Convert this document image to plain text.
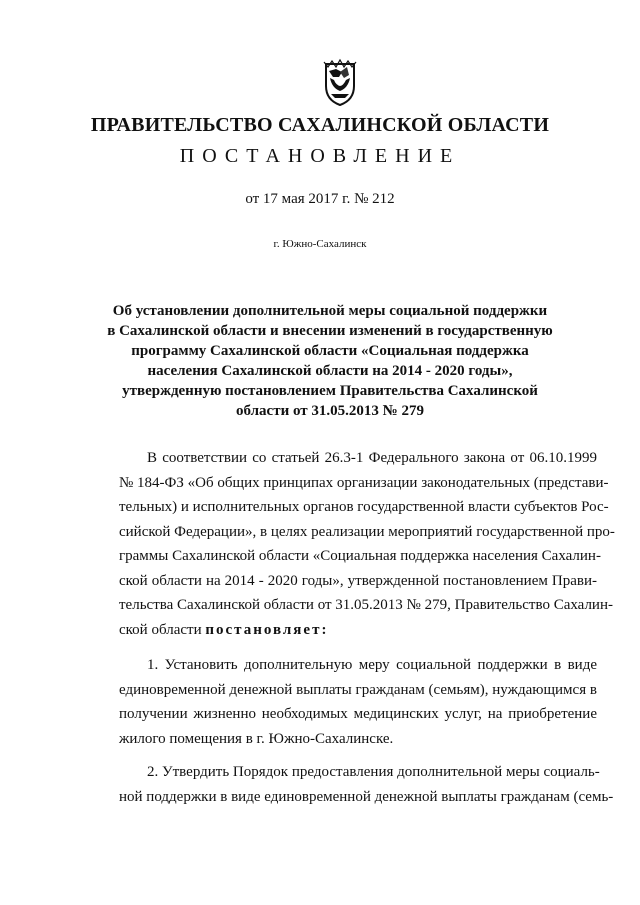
ПРАВИТЕЛЬСТВО САХАЛИНСКОЙ ОБЛАСТИ
ПОСТАНОВЛЕНИЕ
от 17 мая 2017 г. № 212
г. Южно-Сахалинск
Об установлении дополнительной меры социальной поддержки
в Сахалинской области и внесении изменений в государственную
программу Сахалинской области «Социальная поддержка
населения Сахалинской области на 2014 - 2020 годы»,
утвержденную постановлением Правительства Сахалинской
области от 31.05.2013 № 279
В соответствии со статьей 26.3-1 Федерального закона от 06.10.1999
№ 184-ФЗ «Об общих принципах организации законодательных (представи-
тельных) и исполнительных органов государственной власти субъектов Рос-
сийской Федерации», в целях реализации мероприятий государственной про-
граммы Сахалинской области «Социальная поддержка населения Сахалин-
ской области на 2014 - 2020 годы», утвержденной постановлением Прави-
тельства Сахалинской области от 31.05.2013 № 279, Правительство Сахалин-
ской области постановляет:
1. Установить дополнительную меру социальной поддержки в виде
единовременной денежной выплаты гражданам (семьям), нуждающимся в
получении жизненно необходимых медицинских услуг, на приобретение
жилого помещения в г. Южно-Сахалинске.
2. Утвердить Порядок предоставления дополнительной меры социаль-
ной поддержки в виде единовременной денежной выплаты гражданам (семь-
